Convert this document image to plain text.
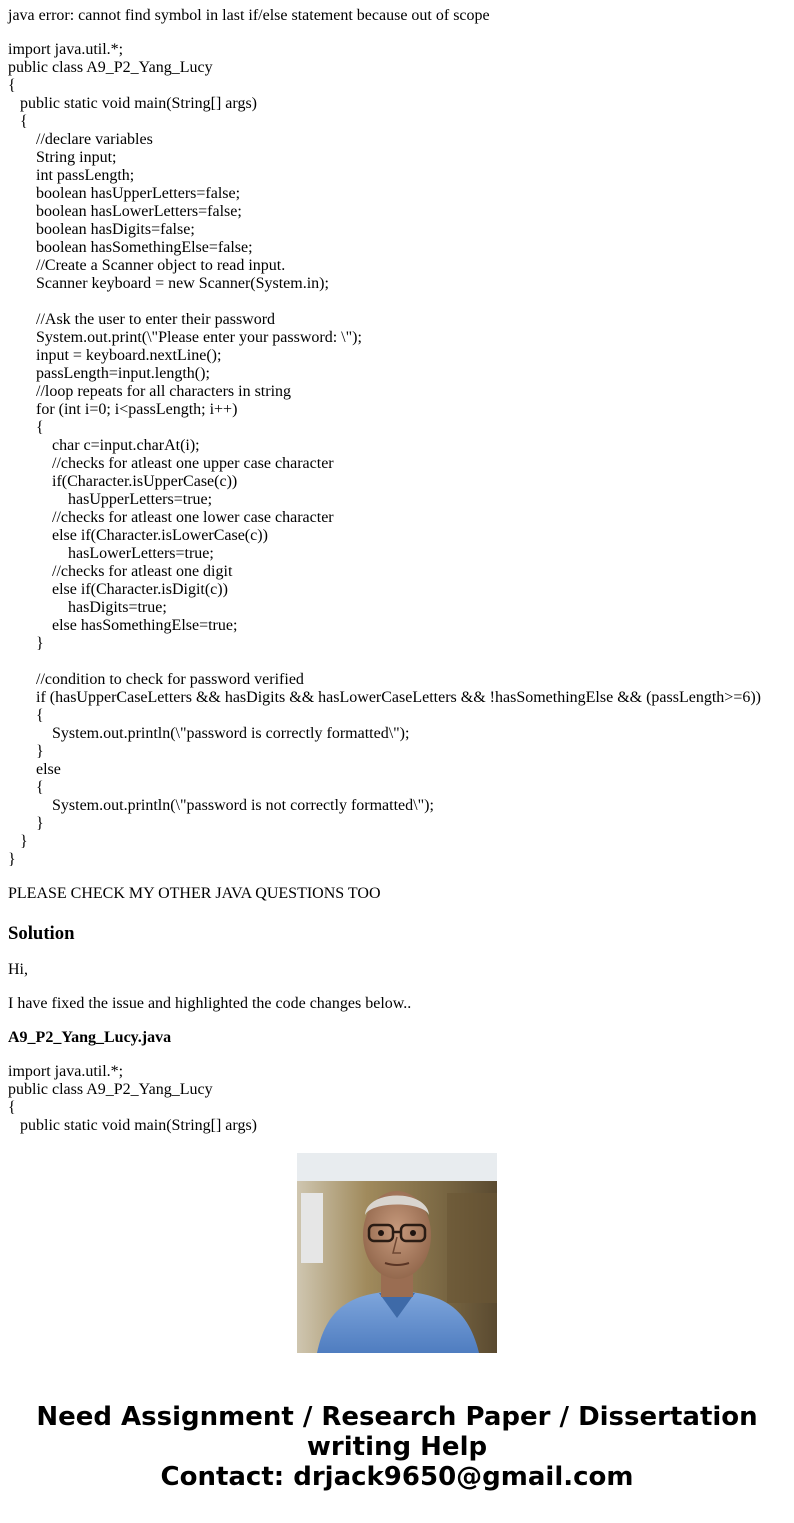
java error: cannot find symbol in last if/else statement because out of scope
import java.util.*;
public class A9_P2_Yang_Lucy
{
public static void main(String[] args)
{
//declare variables
String input;
int passLength;
boolean hasUpperLetters=false;
boolean hasLowerLetters=false;
boolean hasDigits=false;
boolean hasSomethingElse=false;
//Create a Scanner object to read input.
Scanner keyboard = new Scanner(System.in);
//Ask the user to enter their password
System.out.print(\"Please enter your password: \");
input = keyboard.nextLine();
passLength=input.length();
//loop repeats for all characters in string
for (int i=0; i<passLength; i++)
{
char c=input.charAt(i);
//checks for atleast one upper case character
if(Character.isUpperCase(c))
hasUpperLetters=true;
//checks for atleast one lower case character
else if(Character.isLowerCase(c))
hasLowerLetters=true;
//checks for atleast one digit
else if(Character.isDigit(c))
hasDigits=true;
else hasSomethingElse=true;
}
//condition to check for password verified
if (hasUpperCaseLetters && hasDigits && hasLowerCaseLetters && !hasSomethingElse && (passLength>=6))
{
System.out.println(\"password is correctly formatted\");
}
else
{
System.out.println(\"password is not correctly formatted\");
}
}
}
PLEASE CHECK MY OTHER JAVA QUESTIONS TOO
Solution
Hi,
I have fixed the issue and highlighted the code changes below..
A9_P2_Yang_Lucy.java
import java.util.*;
public class A9_P2_Yang_Lucy
{
public static void main(String[] args)
Need Assignment / Research Paper / Dissertation
writing Help
Contact: drjack9650@gmail.com
